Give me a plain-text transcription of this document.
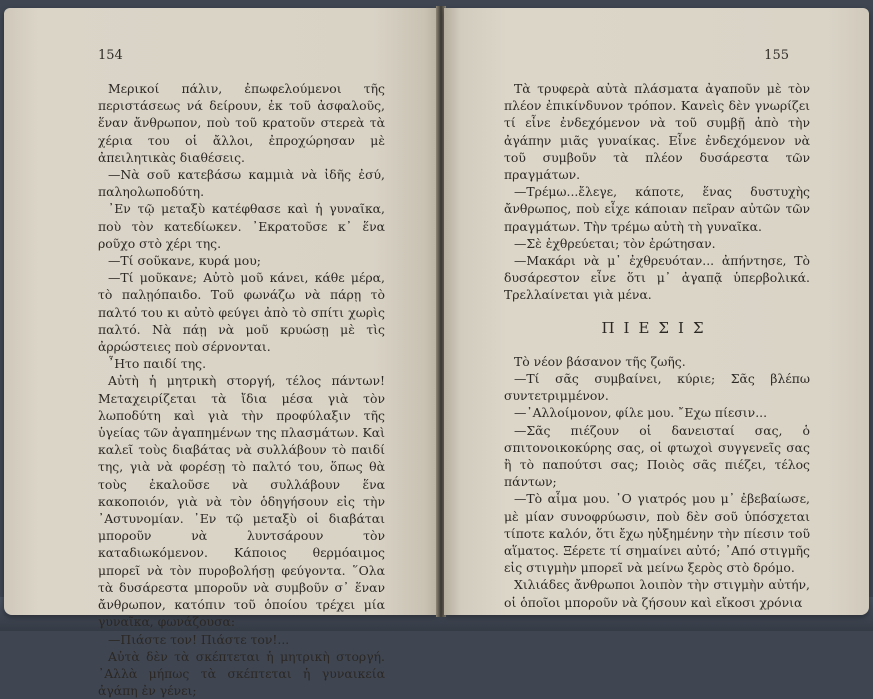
154

Μερικοί πάλιν, ἐπωφελούμενοι τῆς περιστάσεως νά δείρουν, ἐκ τοῦ ἀσφαλοῦς, ἕναν ἄνθρωπον, ποὺ τοῦ κρατοῦν στερεὰ τὰ χέρια του οἱ ἄλλοι, ἐπροχώρησαν μὲ ἀπειλητικὰς διαθέσεις.

—Νὰ σοῦ κατεβάσω καμμιὰ νὰ ἰδῆς ἐσύ, παληολωποδύτη.

᾿Εν τῷ μεταξὺ κατέφθασε καὶ ἡ γυναῖκα, ποὺ τὸν κατεδίωκεν. ᾿Εκρατοῦσε κ᾿ ἕνα ροῦχο στὸ χέρι της.

—Τί σοῦκανε, κυρά μου;

—Τί μοῦκανε; Αὐτὸ μοῦ κάνει, κάθε μέρα, τὸ παλῃόπαιδο. Τοῦ φωνάζω νὰ πάρῃ τὸ παλτό του κι αὐτὸ φεύγει ἀπὸ τὸ σπίτι χωρὶς παλτό. Νὰ πάῃ νὰ μοῦ κρυώσῃ μὲ τὶς ἀρρώστειες ποὺ σέρνονται.

῏Ητο παιδί της.

Αὐτὴ ἡ μητρικὴ στοργή, τέλος πάντων! Μεταχειρίζεται τὰ ἴδια μέσα γιὰ τὸν λωποδύτη καὶ γιὰ τὴν προφύλαξιν τῆς ὑγείας τῶν ἀγαπημένων της πλασμάτων. Καὶ καλεῖ τοὺς διαβάτας νὰ συλλάβουν τὸ παιδί της, γιὰ νὰ φορέσῃ τὸ παλτό του, ὅπως θὰ τοὺς ἐκαλοῦσε νὰ συλλάβουν ἕνα κακοποιόν, γιὰ νὰ τὸν ὁδηγήσουν εἰς τὴν ᾿Αστυνομίαν. ᾿Εν τῷ μεταξὺ οἱ διαβάται μποροῦν νὰ λυντσάρουν τὸν καταδιωκόμενον. Κάποιος θερμόαιμος μπορεῖ νὰ τὸν πυροβολήσῃ φεύγοντα. ῞Ολα τὰ δυσάρεστα μποροῦν νὰ συμβοῦν σ᾿ ἕναν ἄνθρωπον, κατόπιν τοῦ ὁποίου τρέχει μία γυναῖκα, φωνάζουσα:

—Πιάστε τον! Πιάστε τον!...

Αὐτὰ δὲν τὰ σκέπτεται ἡ μητρικὴ στοργή. ᾿Αλλὰ μήπως τὰ σκέπτεται ἡ γυναικεία ἀγάπη ἐν γένει;

155

Τὰ τρυφερὰ αὐτὰ πλάσματα ἀγαποῦν μὲ τὸν πλέον ἐπικίνδυνον τρόπον. Κανεὶς δὲν γνωρίζει τί εἶνε ἐνδεχόμενον νὰ τοῦ συμβῇ ἀπὸ τὴν ἀγάπην μιᾶς γυναίκας. Εἶνε ἐνδεχόμενον νὰ τοῦ συμβοῦν τὰ πλέον δυσάρεστα τῶν πραγμάτων.

—Τρέμω...ἔλεγε, κάποτε, ἕνας δυστυχὴς ἄνθρωπος, ποὺ εἶχε κάποιαν πεῖραν αὐτῶν τῶν πραγμάτων. Τὴν τρέμω αὐτὴ τὴ γυναῖκα.

—Σὲ ἐχθρεύεται; τὸν ἐρώτησαν.

—Μακάρι νὰ μ᾿ ἐχθρευόταν... ἀπήντησε, Τὸ δυσάρεστον εἶνε ὅτι μ᾿ ἀγαπᾷ ὑπερβολικά. Τρελλαίνεται γιὰ μένα.

ΠΙΕΣΙΣ

Τὸ νέον βάσανον τῆς ζωῆς.

—Τί σᾶς συμβαίνει, κύριε; Σᾶς βλέπω συντετριμμένον.

—᾿Αλλοίμονον, φίλε μου. ῎Εχω πίεσιν...

—Σᾶς πιέζουν οἱ δανεισταί σας, ὁ σπιτονοικοκύρης σας, οἱ φτωχοὶ συγγενεῖς σας ἢ τὸ παπούτσι σας; Ποιὸς σᾶς πιέζει, τέλος πάντων;

—Τὸ αἷμα μου. ᾿Ο γιατρός μου μ᾿ ἐβεβαίωσε, μὲ μίαν συνοφρύωσιν, ποὺ δὲν σοῦ ὑπόσχεται τίποτε καλόν, ὅτι ἔχω ηὐξημένην τὴν πίεσιν τοῦ αἵματος. Ξέρετε τί σημαίνει αὐτό; ᾿Από στιγμῆς εἰς στιγμὴν μπορεῖ νὰ μείνω ξερὸς στὸ δρόμο.

Χιλιάδες ἄνθρωποι λοιπὸν τὴν στιγμὴν αὐτήν, οἱ ὁποῖοι μποροῦν νὰ ζήσουν καὶ εἴκοσι χρόνια
